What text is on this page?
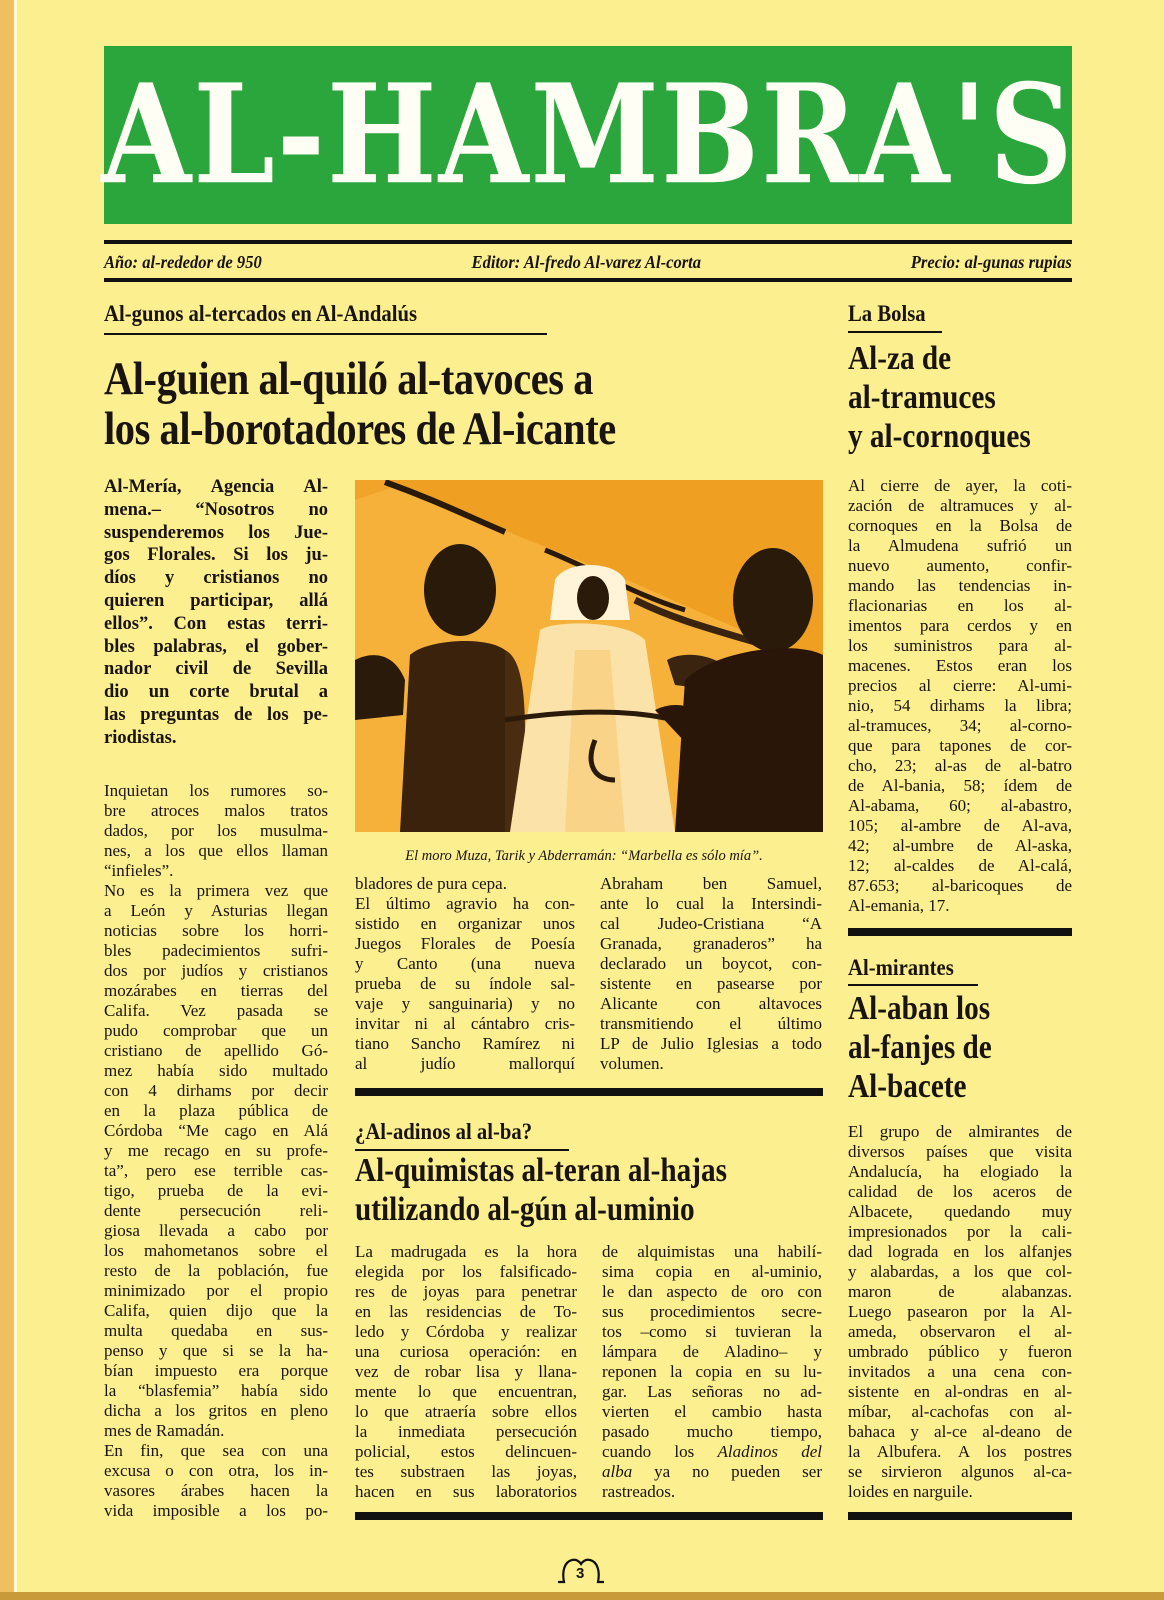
AL-HAMBRA'S
Año: al-rededor de 950	Editor: Al-fredo Al-varez Al-corta	Precio: al-gunas rupias
Al-gunos al-tercados en Al-Andalús
Al-guien al-quiló al-tavoces a
los al-borotadores de Al-icante
Al-Mería, Agencia Al-
mena.– “Nosotros no
suspenderemos los Jue-
gos Florales. Si los ju-
díos y cristianos no
quieren participar, allá
ellos”. Con estas terri-
bles palabras, el gober-
nador civil de Sevilla
dio un corte brutal a
las preguntas de los pe-
riodistas.
Inquietan los rumores so-
bre atroces malos tratos
dados, por los musulma-
nes, a los que ellos llaman
“infieles”.
No es la primera vez que
a León y Asturias llegan
noticias sobre los horri-
bles padecimientos sufri-
dos por judíos y cristianos
mozárabes en tierras del
Califa. Vez pasada se
pudo comprobar que un
cristiano de apellido Gó-
mez había sido multado
con 4 dirhams por decir
en la plaza pública de
Córdoba “Me cago en Alá
y me recago en su profe-
ta”, pero ese terrible cas-
tigo, prueba de la evi-
dente persecución reli-
giosa llevada a cabo por
los mahometanos sobre el
resto de la población, fue
minimizado por el propio
Califa, quien dijo que la
multa quedaba en sus-
penso y que si se la ha-
bían impuesto era porque
la “blasfemia” había sido
dicha a los gritos en pleno
mes de Ramadán.
En fin, que sea con una
excusa o con otra, los in-
vasores árabes hacen la
vida imposible a los po-
El moro Muza, Tarik y Abderramán: “Marbella es sólo mía”.
bladores de pura cepa.
El último agravio ha con-
sistido en organizar unos
Juegos Florales de Poesía
y Canto (una nueva
prueba de su índole sal-
vaje y sanguinaria) y no
invitar ni al cántabro cris-
tiano Sancho Ramírez ni
al judío mallorquí
Abraham ben Samuel,
ante lo cual la Intersindi-
cal Judeo-Cristiana “A
Granada, granaderos” ha
declarado un boycot, con-
sistente en pasearse por
Alicante con altavoces
transmitiendo el último
LP de Julio Iglesias a todo
volumen.
¿Al-adinos al al-ba?
Al-quimistas al-teran al-hajas
utilizando al-gún al-uminio
La madrugada es la hora
elegida por los falsificado-
res de joyas para penetrar
en las residencias de To-
ledo y Córdoba y realizar
una curiosa operación: en
vez de robar lisa y llana-
mente lo que encuentran,
lo que atraería sobre ellos
la inmediata persecución
policial, estos delincuen-
tes substraen las joyas,
hacen en sus laboratorios
de alquimistas una habilí-
sima copia en al-uminio,
le dan aspecto de oro con
sus procedimientos secre-
tos –como si tuvieran la
lámpara de Aladino– y
reponen la copia en su lu-
gar. Las señoras no ad-
vierten el cambio hasta
pasado mucho tiempo,
cuando los Aladinos del
alba ya no pueden ser
rastreados.
La Bolsa
Al-za de
al-tramuces
y al-cornoques
Al cierre de ayer, la coti-
zación de altramuces y al-
cornoques en la Bolsa de
la Almudena sufrió un
nuevo aumento, confir-
mando las tendencias in-
flacionarias en los al-
imentos para cerdos y en
los suministros para al-
macenes. Estos eran los
precios al cierre: Al-umi-
nio, 54 dirhams la libra;
al-tramuces, 34; al-corno-
que para tapones de cor-
cho, 23; al-as de al-batro
de Al-bania, 58; ídem de
Al-abama, 60; al-abastro,
105; al-ambre de Al-ava,
42; al-umbre de Al-aska,
12; al-caldes de Al-calá,
87.653; al-baricoques de
Al-emania, 17.
Al-mirantes
Al-aban los
al-fanjes de
Al-bacete
El grupo de almirantes de
diversos países que visita
Andalucía, ha elogiado la
calidad de los aceros de
Albacete, quedando muy
impresionados por la cali-
dad lograda en los alfanjes
y alabardas, a los que col-
maron de alabanzas.
Luego pasearon por la Al-
ameda, observaron el al-
umbrado público y fueron
invitados a una cena con-
sistente en al-ondras en al-
míbar, al-cachofas con al-
bahaca y al-ce al-deano de
la Albufera. A los postres
se sirvieron algunos al-ca-
loides en narguile.
3
